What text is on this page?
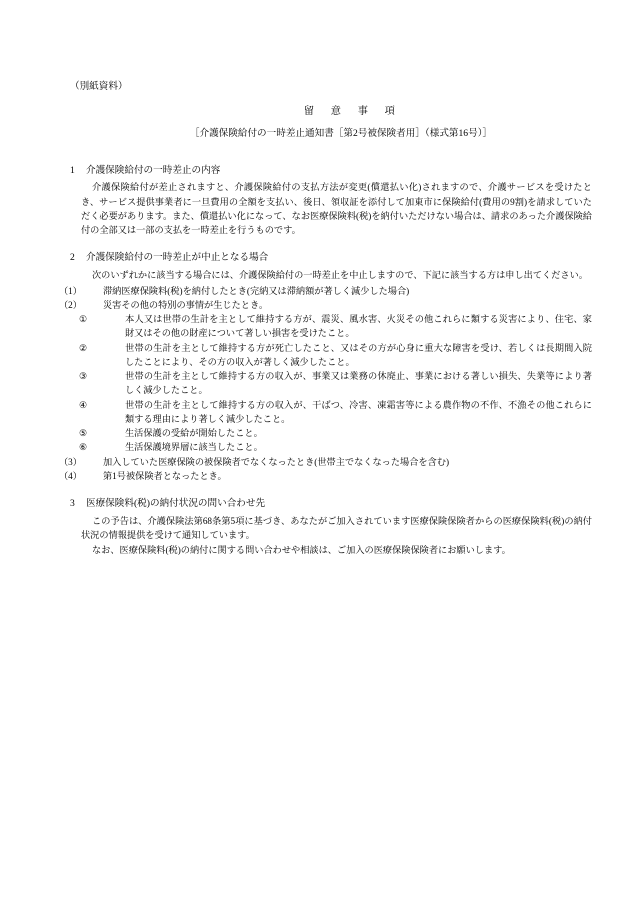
（別紙資料）
留　意　事　項
［介護保険給付の一時差止通知書［第2号被保険者用］（様式第16号）］
1 介護保険給付の一時差止の内容

介護保険給付が差止されますと、介護保険給付の支払方法が変更(償還払い化)されますので、介護サービスを受けたとき、サービス提供事業者に一旦費用の全額を支払い、後日、領収証を添付して加東市に保険給付(費用の9割)を請求していただく必要があります。また、償還払い化になって、なお医療保険料(税)を納付いただけない場合は、請求のあった介護保険給付の全部又は一部の支払を一時差止を行うものです。

2 介護保険給付の一時差止が中止となる場合

次のいずれかに該当する場合には、介護保険給付の一時差止を中止しますので、下記に該当する方は申し出てください。

（1） 滞納医療保険料(税)を納付したとき(完納又は滞納額が著しく減少した場合)

（2） 災害その他の特別の事情が生じたとき。

①	本人又は世帯の生計を主として維持する方が、震災、風水害、火災その他これらに類する災害により、住宅、家財又はその他の財産について著しい損害を受けたこと。

②	世帯の生計を主として維持する方が死亡したこと、又はその方が心身に重大な障害を受け、若しくは長期間入院したことにより、その方の収入が著しく減少したこと。

③	世帯の生計を主として維持する方の収入が、事業又は業務の休廃止、事業における著しい損失、失業等により著しく減少したこと。

④	世帯の生計を主として維持する方の収入が、干ばつ、冷害、凍霜害等による農作物の不作、不漁その他これらに類する理由により著しく減少したこと。

⑤	生活保護の受給が開始したこと。

⑥	生活保護境界層に該当したこと。

（3） 加入していた医療保険の被保険者でなくなったとき(世帯主でなくなった場合を含む)

（4） 第1号被保険者となったとき。

3 医療保険料(税)の納付状況の問い合わせ先

この予告は、介護保険法第68条第5項に基づき、あなたがご加入されています医療保険保険者からの医療保険料(税)の納付状況の情報提供を受けて通知しています。

なお、医療保険料(税)の納付に関する問い合わせや相談は、ご加入の医療保険保険者にお願いします。
